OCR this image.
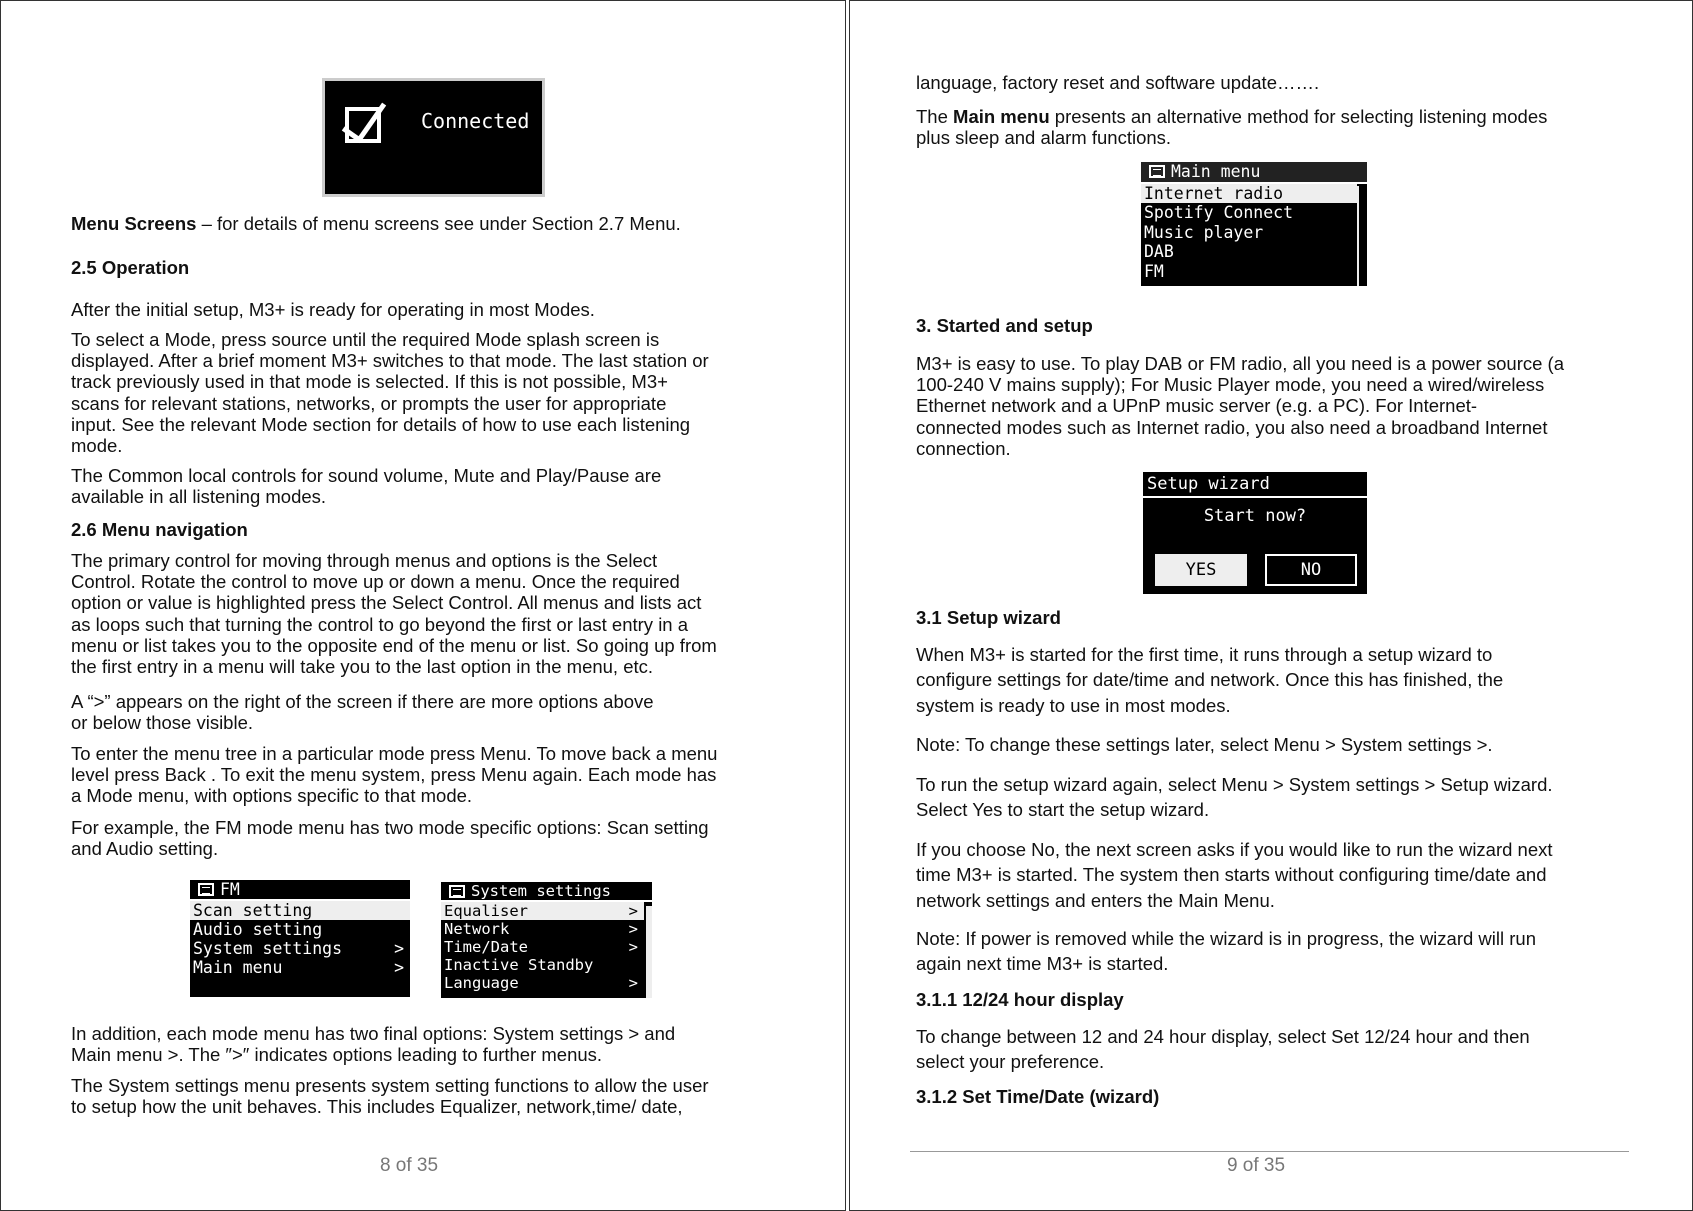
Connected
Menu Screens – for details of menu screens see under Section 2.7 Menu.
2.5 Operation
After the initial setup, M3+ is ready for operating in most Modes.
To select a Mode, press source until the required Mode splash screen is
displayed. After a brief moment M3+ switches to that mode. The last station or
track previously used in that mode is selected. If this is not possible, M3+
scans for relevant stations, networks, or prompts the user for appropriate
input. See the relevant Mode section for details of how to use each listening
mode.
The Common local controls for sound volume, Mute and Play/Pause are
available in all listening modes.
2.6 Menu navigation
The primary control for moving through menus and options is the Select
Control. Rotate the control to move up or down a menu. Once the required
option or value is highlighted press the Select Control. All menus and lists act
as loops such that turning the control to go beyond the first or last entry in a
menu or list takes you to the opposite end of the menu or list. So going up from
the first entry in a menu will take you to the last option in the menu, etc.
A “>” appears on the right of the screen if there are more options above
or below those visible.
To enter the menu tree in a particular mode press Menu. To move back a menu
level press Back . To exit the menu system, press Menu again. Each mode has
a Mode menu, with options specific to that mode.
For example, the FM mode menu has two mode specific options: Scan setting
and Audio setting.
FM
Scan setting
Audio setting
System settings	>
Main menu	>
System settings
Equaliser	>
Network	>
Time/Date	>
Inactive Standby
Language	>
In addition, each mode menu has two final options: System settings > and
Main menu >. The ″>″ indicates options leading to further menus.
The System settings menu presents system setting functions to allow the user
to setup how the unit behaves. This includes Equalizer, network,time/ date,
8 of 35
language, factory reset and software update…….
The Main menu presents an alternative method for selecting listening modes
plus sleep and alarm functions.
Main menu
Internet radio
Spotify Connect
Music player
DAB
FM
3. Started and setup
M3+ is easy to use. To play DAB or FM radio, all you need is a power source (a
100-240 V mains supply); For Music Player mode, you need a wired/wireless
Ethernet network and a UPnP music server (e.g. a PC). For Internet-
connected modes such as Internet radio, you also need a broadband Internet
connection.
Setup wizard
Start now?
YES	NO
3.1 Setup wizard
When M3+ is started for the first time, it runs through a setup wizard to
configure settings for date/time and network. Once this has finished, the
system is ready to use in most modes.
Note: To change these settings later, select Menu > System settings >.
To run the setup wizard again, select Menu > System settings > Setup wizard.
Select Yes to start the setup wizard.
If you choose No, the next screen asks if you would like to run the wizard next
time M3+ is started. The system then starts without configuring time/date and
network settings and enters the Main Menu.
Note: If power is removed while the wizard is in progress, the wizard will run
again next time M3+ is started.
3.1.1 12/24 hour display
To change between 12 and 24 hour display, select Set 12/24 hour and then
select your preference.
3.1.2 Set Time/Date (wizard)
9 of 35
